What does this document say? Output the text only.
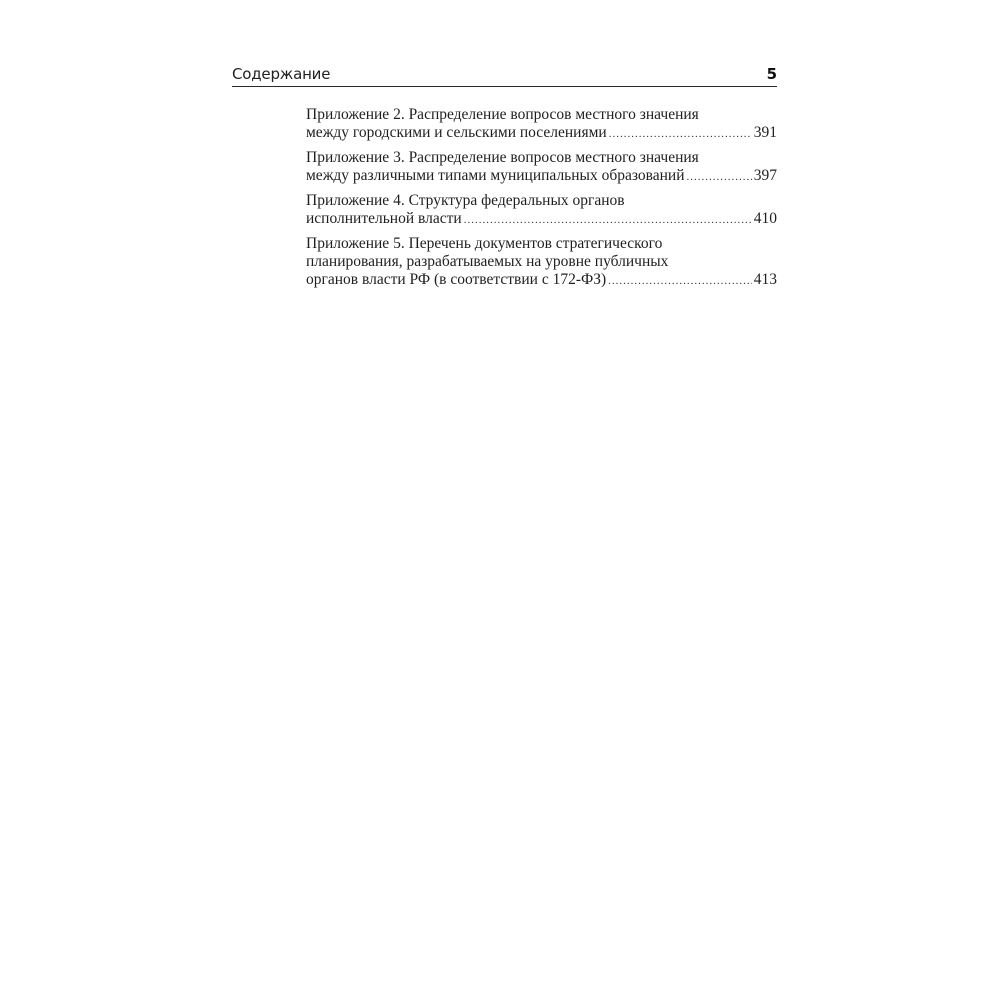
Содержание	5
Приложение 2. Распределение вопросов местного значения
между городскими и сельскими поселениями .....	391
Приложение 3. Распределение вопросов местного значения
между различными типами муниципальных образований .....	397
Приложение 4. Структура федеральных органов
исполнительной власти .....	410
Приложение 5. Перечень документов стратегического
планирования, разрабатываемых на уровне публичных
органов власти РФ (в соответствии с 172-ФЗ) .....	413
